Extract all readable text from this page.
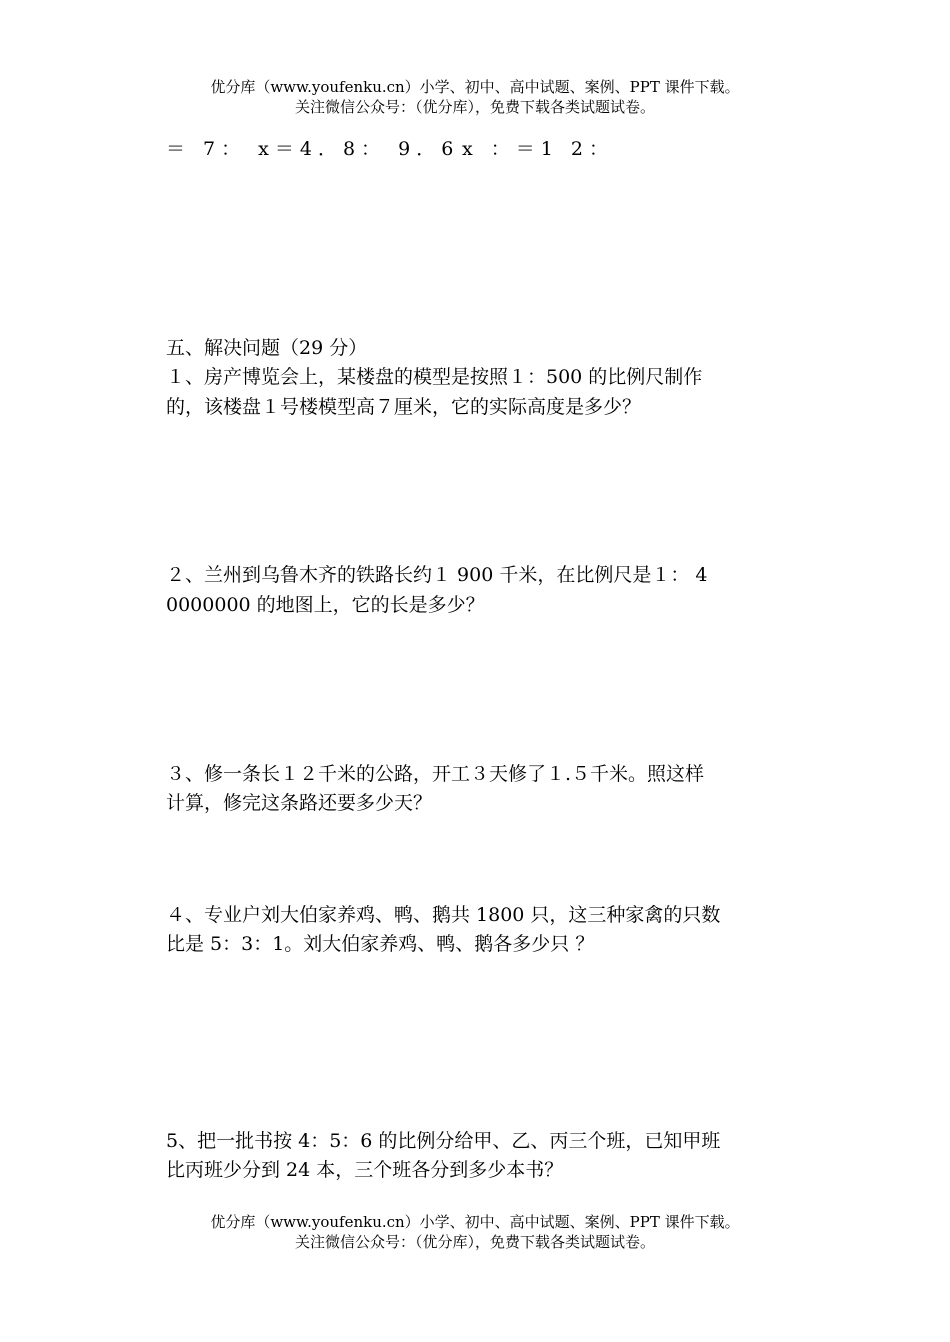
优分库（www.youfenku.cn）小学、初中、高中试题、案例、PPT 课件下载。
关注微信公众号：（优分库），免费下载各类试题试卷。
＝ 7： x＝4．8： 9．6 x ：＝1 2：
五、解决问题（29 分）
１、房产博览会上，某楼盘的模型是按照１：500 的比例尺制作
的，该楼盘１号楼模型高７厘米，它的实际高度是多少？
２、兰州到乌鲁木齐的铁路长约１ 900 千米，在比例尺是１： 4
0000000 的地图上，它的长是多少？
３、修一条长１２千米的公路，开工３天修了１.５千米。照这样
计算，修完这条路还要多少天？
４、专业户刘大伯家养鸡、鸭、鹅共 1800 只，这三种家禽的只数
比是 5：3：1。刘大伯家养鸡、鸭、鹅各多少只 ？
5、把一批书按 4：5：6 的比例分给甲、乙、丙三个班，已知甲班
比丙班少分到 24 本，三个班各分到多少本书？
优分库（www.youfenku.cn）小学、初中、高中试题、案例、PPT 课件下载。
关注微信公众号：（优分库），免费下载各类试题试卷。
